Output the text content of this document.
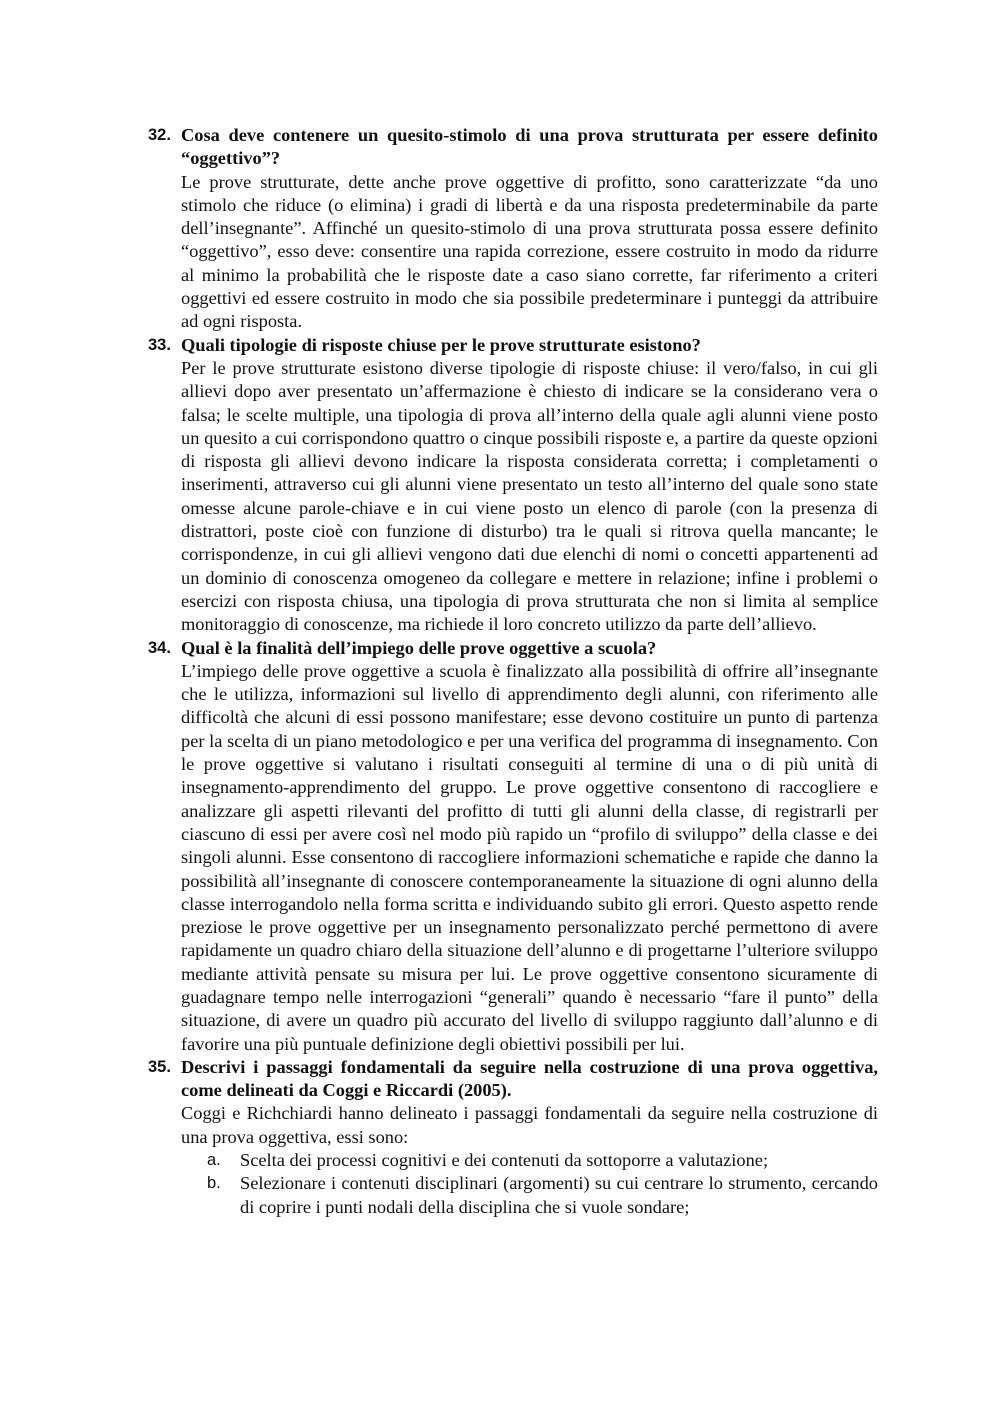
32. Cosa deve contenere un quesito-stimolo di una prova strutturata per essere definito “oggettivo”?
Le prove strutturate, dette anche prove oggettive di profitto, sono caratterizzate “da uno stimolo che riduce (o elimina) i gradi di libertà e da una risposta predeterminabile da parte dell’insegnante”. Affinché un quesito-stimolo di una prova strutturata possa essere definito “oggettivo”, esso deve: consentire una rapida correzione, essere costruito in modo da ridurre al minimo la probabilità che le risposte date a caso siano corrette, far riferimento a criteri oggettivi ed essere costruito in modo che sia possibile predeterminare i punteggi da attribuire ad ogni risposta.
33. Quali tipologie di risposte chiuse per le prove strutturate esistono?
Per le prove strutturate esistono diverse tipologie di risposte chiuse: il vero/falso, in cui gli allievi dopo aver presentato un’affermazione è chiesto di indicare se la considerano vera o falsa; le scelte multiple, una tipologia di prova all’interno della quale agli alunni viene posto un quesito a cui corrispondono quattro o cinque possibili risposte e, a partire da queste opzioni di risposta gli allievi devono indicare la risposta considerata corretta; i completamenti o inserimenti, attraverso cui gli alunni viene presentato un testo all’interno del quale sono state omesse alcune parole-chiave e in cui viene posto un elenco di parole (con la presenza di distrattori, poste cioè con funzione di disturbo) tra le quali si ritrova quella mancante; le corrispondenze, in cui gli allievi vengono dati due elenchi di nomi o concetti appartenenti ad un dominio di conoscenza omogeneo da collegare e mettere in relazione; infine i problemi o esercizi con risposta chiusa, una tipologia di prova strutturata che non si limita al semplice monitoraggio di conoscenze, ma richiede il loro concreto utilizzo da parte dell’allievo.
34. Qual è la finalità dell’impiego delle prove oggettive a scuola?
L’impiego delle prove oggettive a scuola è finalizzato alla possibilità di offrire all’insegnante che le utilizza, informazioni sul livello di apprendimento degli alunni, con riferimento alle difficoltà che alcuni di essi possono manifestare; esse devono costituire un punto di partenza per la scelta di un piano metodologico e per una verifica del programma di insegnamento. Con le prove oggettive si valutano i risultati conseguiti al termine di una o di più unità di insegnamento-apprendimento del gruppo. Le prove oggettive consentono di raccogliere e analizzare gli aspetti rilevanti del profitto di tutti gli alunni della classe, di registrarli per ciascuno di essi per avere così nel modo più rapido un “profilo di sviluppo” della classe e dei singoli alunni. Esse consentono di raccogliere informazioni schematiche e rapide che danno la possibilità all’insegnante di conoscere contemporaneamente la situazione di ogni alunno della classe interrogandolo nella forma scritta e individuando subito gli errori. Questo aspetto rende preziose le prove oggettive per un insegnamento personalizzato perché permettono di avere rapidamente un quadro chiaro della situazione dell’alunno e di progettarne l’ulteriore sviluppo mediante attività pensate su misura per lui. Le prove oggettive consentono sicuramente di guadagnare tempo nelle interrogazioni “generali” quando è necessario “fare il punto” della situazione, di avere un quadro più accurato del livello di sviluppo raggiunto dall’alunno e di favorire una più puntuale definizione degli obiettivi possibili per lui.
35. Descrivi i passaggi fondamentali da seguire nella costruzione di una prova oggettiva, come delineati da Coggi e Riccardi (2005).
Coggi e Richchiardi hanno delineato i passaggi fondamentali da seguire nella costruzione di una prova oggettiva, essi sono:
a.	Scelta dei processi cognitivi e dei contenuti da sottoporre a valutazione;
b.	Selezionare i contenuti disciplinari (argomenti) su cui centrare lo strumento, cercando di coprire i punti nodali della disciplina che si vuole sondare;
